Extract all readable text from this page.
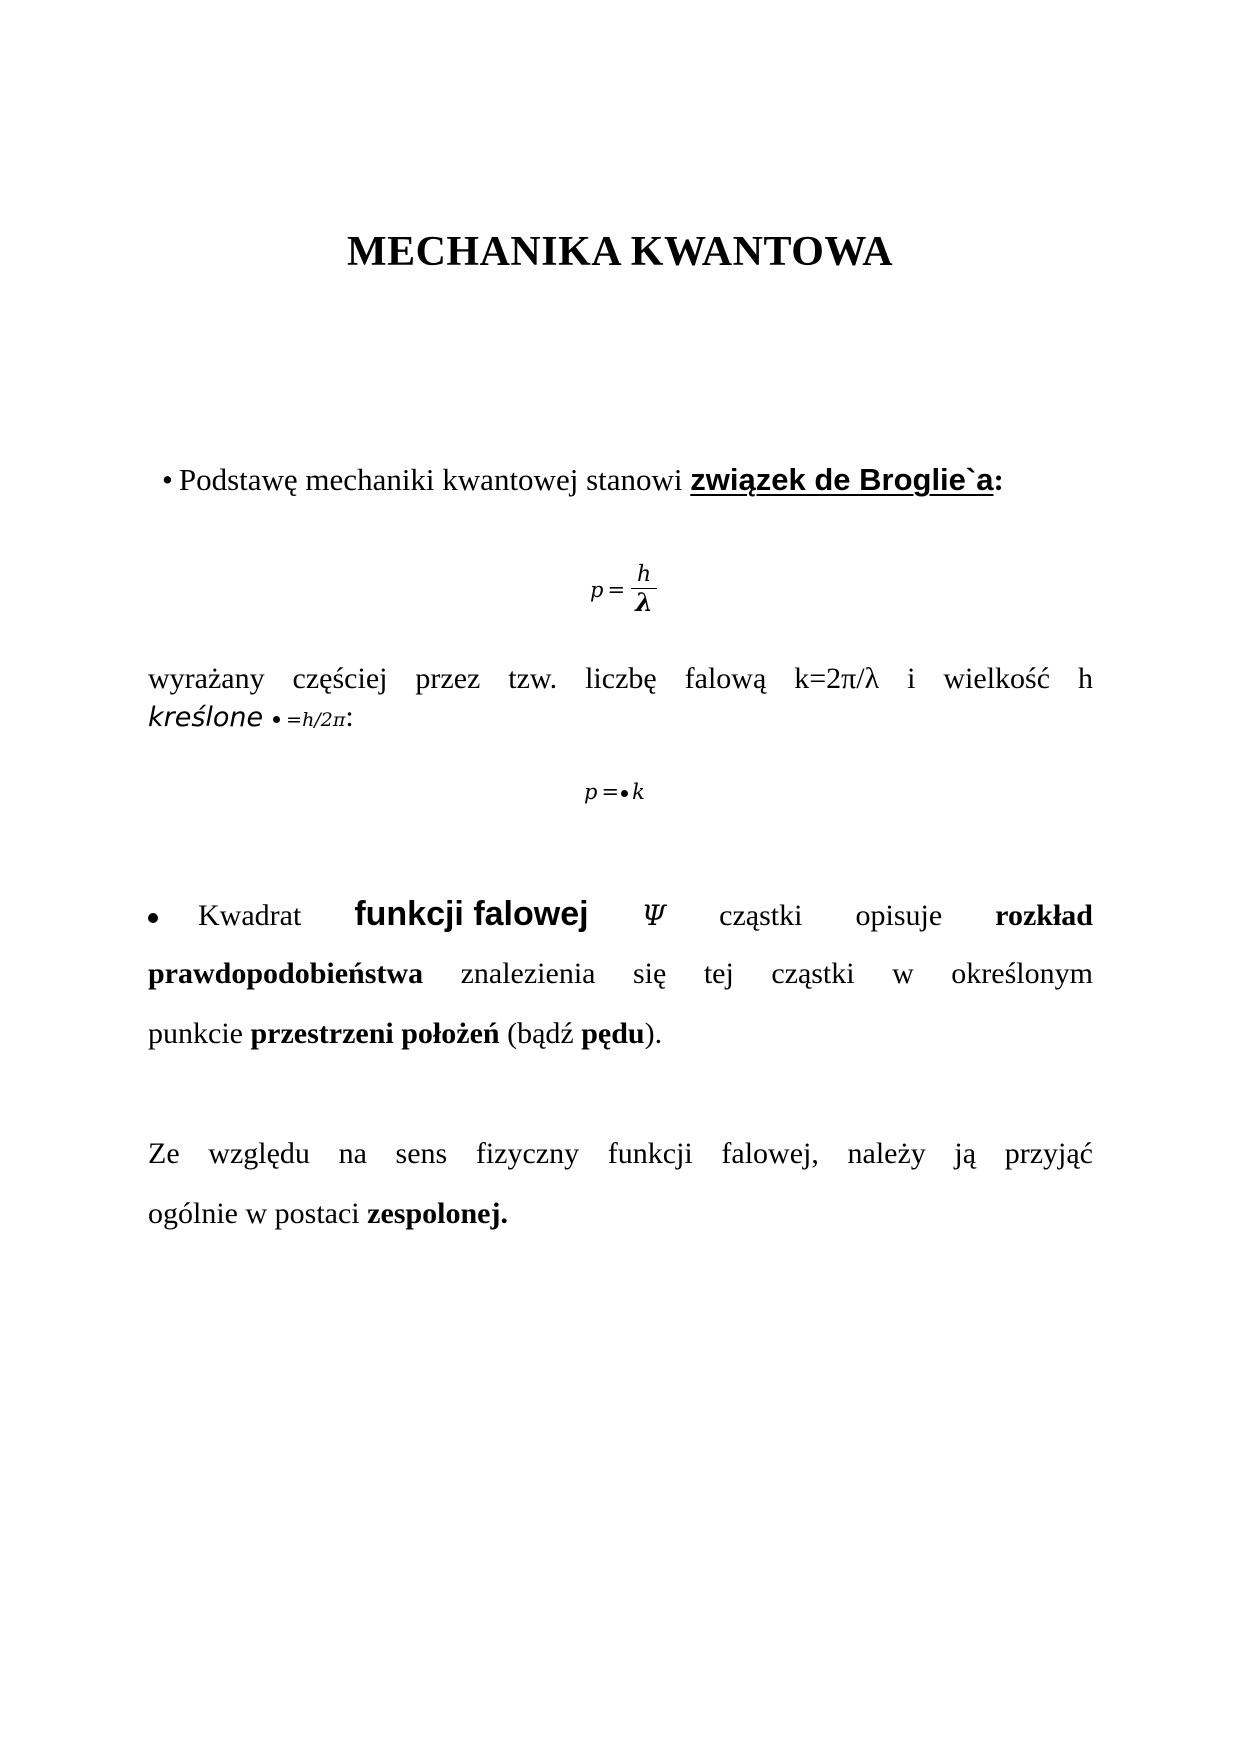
MECHANIKA KWANTOWA
• Podstawę mechaniki kwantowej stanowi związek de Broglie`a:
$p = \frac{h}{\lambda}$
wyrażany częściej przez tzw. liczbę falową k=2π/λ i wielkość h
kreślone =h/2π:
p = k
Kwadrat funkcji falowej Ψ cząstki opisuje rozkład
prawdopodobieństwa znalezienia się tej cząstki w określonym
punkcie przestrzeni położeń (bądź pędu).
Ze względu na sens fizyczny funkcji falowej, należy ją przyjąć
ogólnie w postaci zespolonej.
